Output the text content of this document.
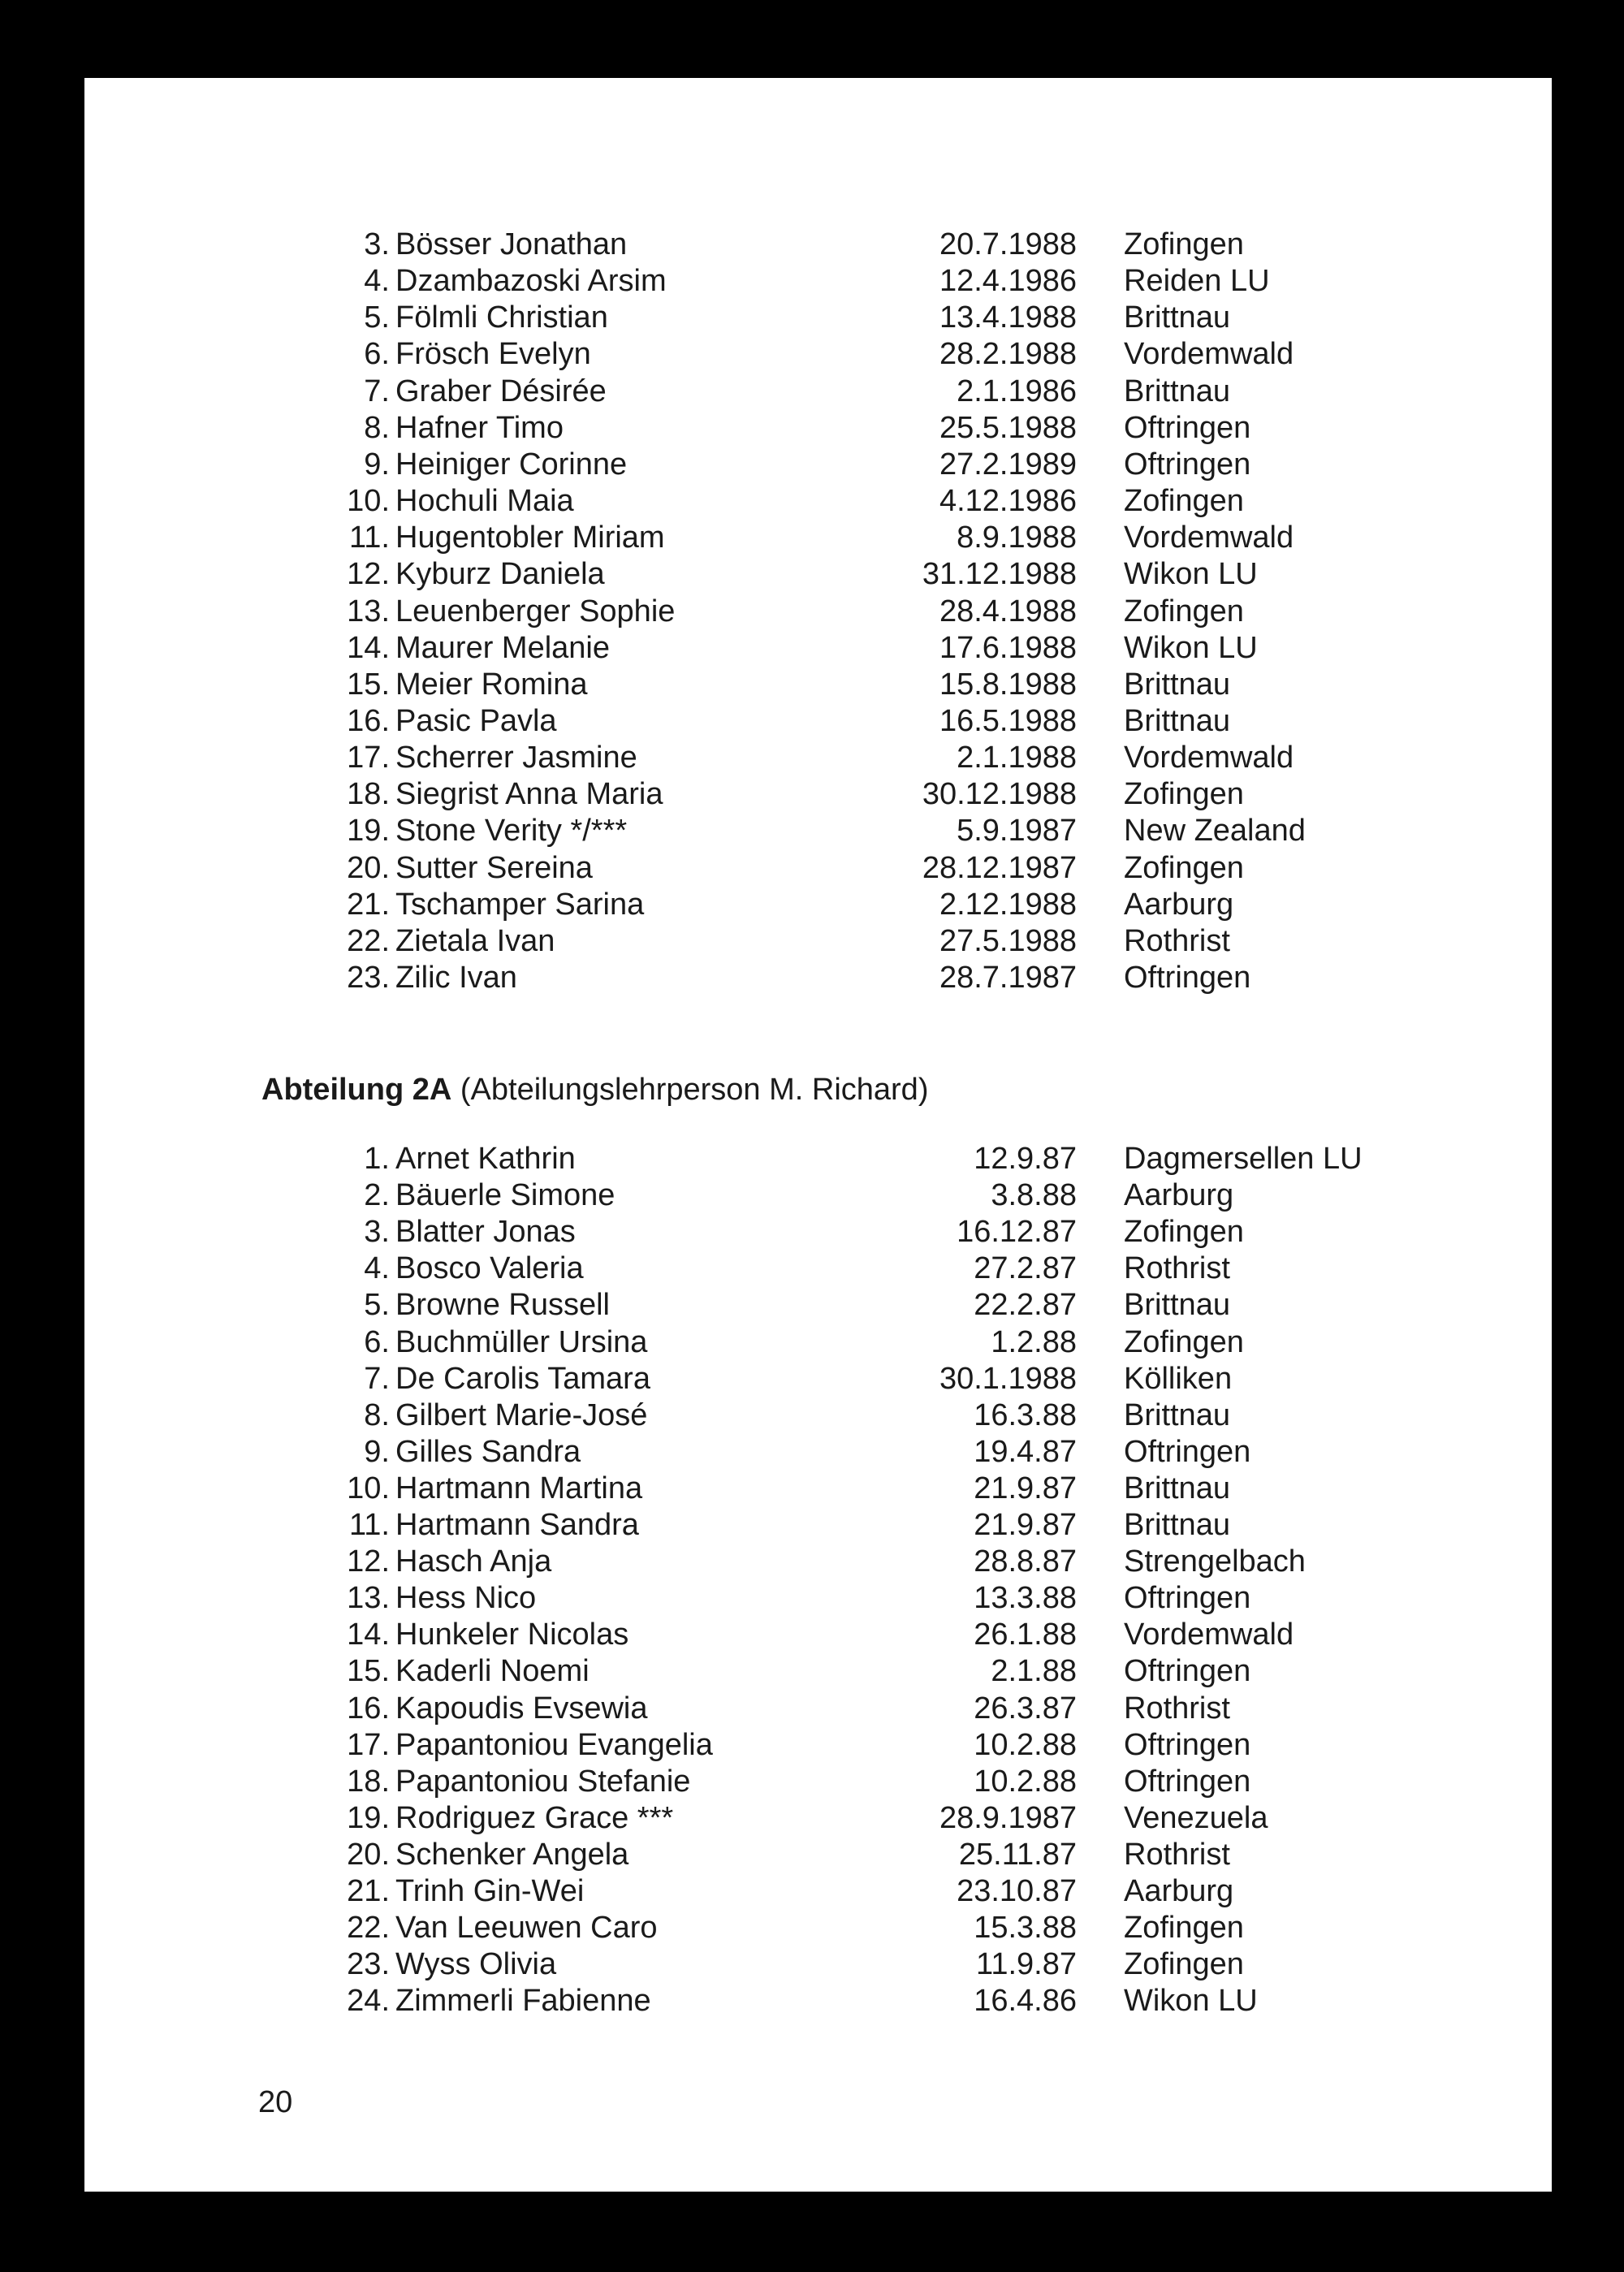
3. Bösser Jonathan	20.7.1988 Zofingen
4. Dzambazoski Arsim	12.4.1986 Reiden LU
5. Fölmli Christian	13.4.1988 Brittnau
6. Frösch Evelyn	28.2.1988 Vordemwald
7. Graber Désirée	2.1.1986 Brittnau
8. Hafner Timo	25.5.1988 Oftringen
9. Heiniger Corinne	27.2.1989 Oftringen
10. Hochuli Maia	4.12.1986 Zofingen
11. Hugentobler Miriam	8.9.1988 Vordemwald
12. Kyburz Daniela	31.12.1988 Wikon LU
13. Leuenberger Sophie	28.4.1988 Zofingen
14. Maurer Melanie	17.6.1988 Wikon LU
15. Meier Romina	15.8.1988 Brittnau
16. Pasic Pavla	16.5.1988 Brittnau
17. Scherrer Jasmine	2.1.1988 Vordemwald
18. Siegrist Anna Maria	30.12.1988 Zofingen
19. Stone Verity */***	5.9.1987 New Zealand
20. Sutter Sereina	28.12.1987 Zofingen
21. Tschamper Sarina	2.12.1988 Aarburg
22. Zietala Ivan	27.5.1988 Rothrist
23. Zilic Ivan	28.7.1987 Oftringen
Abteilung 2A (Abteilungslehrperson M. Richard)
1. Arnet Kathrin	12.9.87 Dagmersellen LU
2. Bäuerle Simone	3.8.88 Aarburg
3. Blatter Jonas	16.12.87 Zofingen
4. Bosco Valeria	27.2.87 Rothrist
5. Browne Russell	22.2.87 Brittnau
6. Buchmüller Ursina	1.2.88 Zofingen
7. De Carolis Tamara	30.1.1988 Kölliken
8. Gilbert Marie-José	16.3.88 Brittnau
9. Gilles Sandra	19.4.87 Oftringen
10. Hartmann Martina	21.9.87 Brittnau
11. Hartmann Sandra	21.9.87 Brittnau
12. Hasch Anja	28.8.87 Strengelbach
13. Hess Nico	13.3.88 Oftringen
14. Hunkeler Nicolas	26.1.88 Vordemwald
15. Kaderli Noemi	2.1.88 Oftringen
16. Kapoudis Evsewia	26.3.87 Rothrist
17. Papantoniou Evangelia	10.2.88 Oftringen
18. Papantoniou Stefanie	10.2.88 Oftringen
19. Rodriguez Grace ***	28.9.1987 Venezuela
20. Schenker Angela	25.11.87 Rothrist
21. Trinh Gin-Wei	23.10.87 Aarburg
22. Van Leeuwen Caro	15.3.88 Zofingen
23. Wyss Olivia	11.9.87 Zofingen
24. Zimmerli Fabienne	16.4.86 Wikon LU
20
